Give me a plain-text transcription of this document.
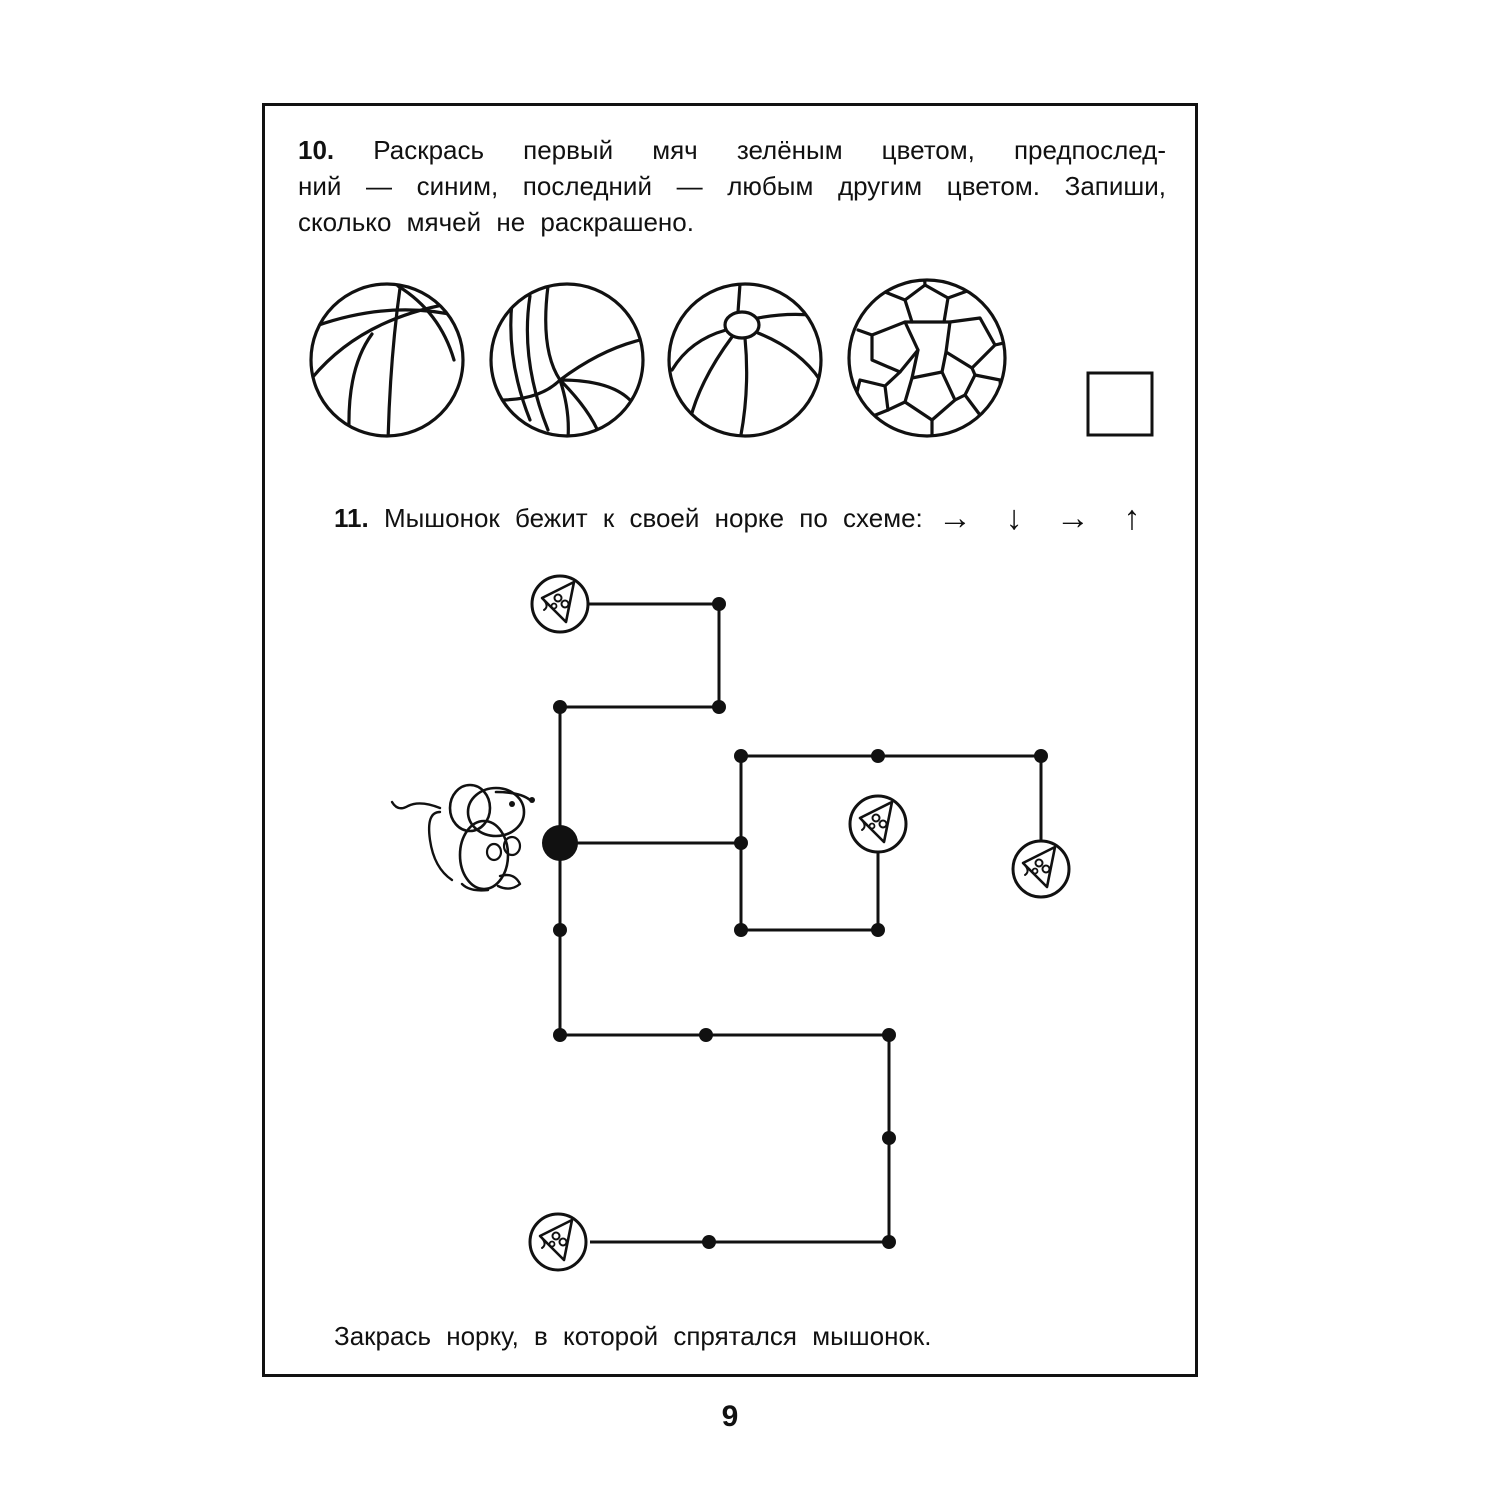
10. Раскрась первый мяч зелёным цветом, предпослед-
ний — синим, последний — любым другим цветом. Запиши,
сколько мячей не раскрашено.
11. Мышонок бежит к своей норке по схеме: → ↓ → ↑
Закрась норку, в которой спрятался мышонок.
9
